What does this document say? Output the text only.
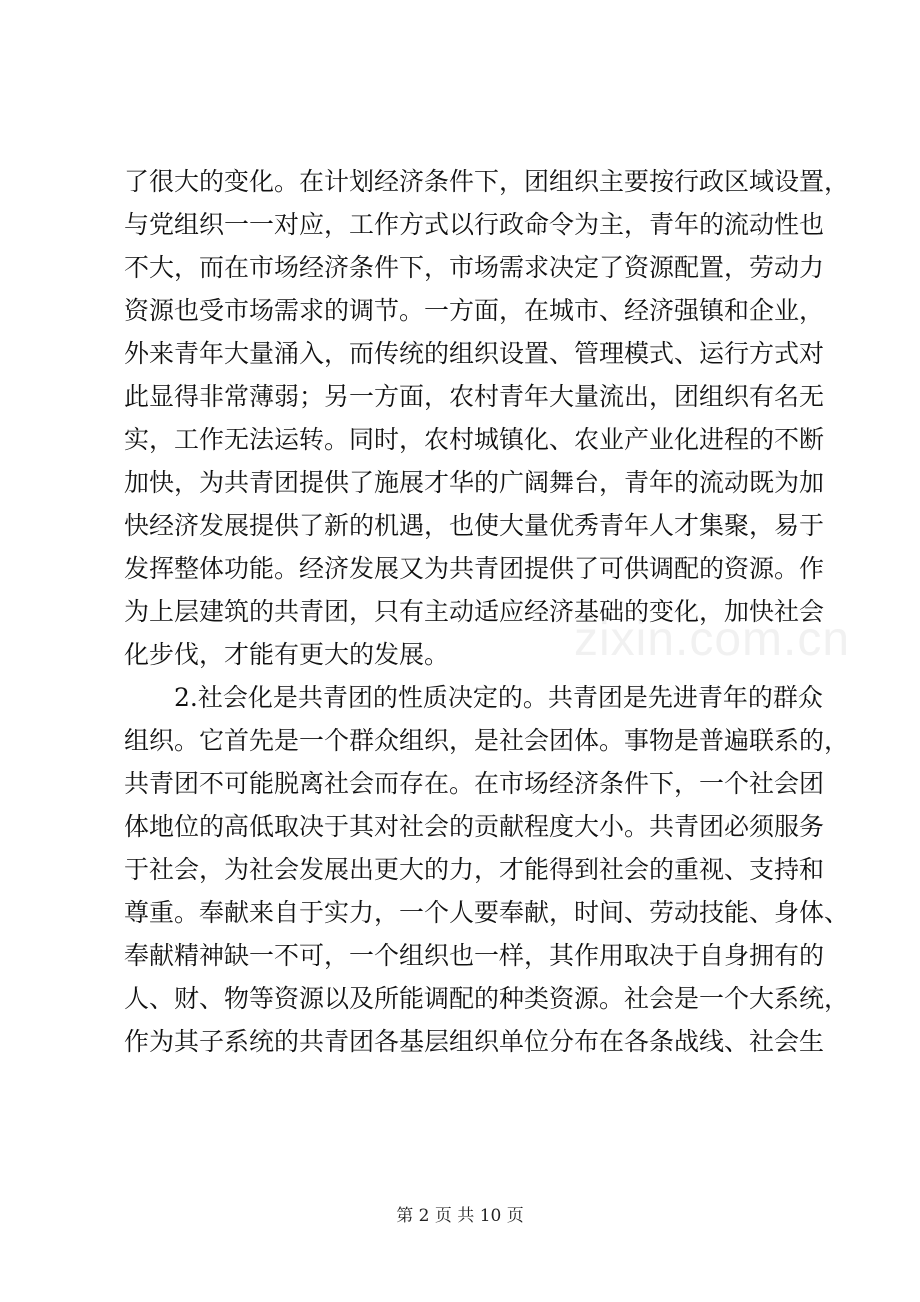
了很大的变化。在计划经济条件下，团组织主要按行政区域设置，
与党组织一一对应，工作方式以行政命令为主，青年的流动性也
不大，而在市场经济条件下，市场需求决定了资源配置，劳动力
资源也受市场需求的调节。一方面，在城市、经济强镇和企业，
外来青年大量涌入，而传统的组织设置、管理模式、运行方式对
此显得非常薄弱；另一方面，农村青年大量流出，团组织有名无
实，工作无法运转。同时，农村城镇化、农业产业化进程的不断
加快，为共青团提供了施展才华的广阔舞台，青年的流动既为加
快经济发展提供了新的机遇，也使大量优秀青年人才集聚，易于
发挥整体功能。经济发展又为共青团提供了可供调配的资源。作
为上层建筑的共青团，只有主动适应经济基础的变化，加快社会
化步伐，才能有更大的发展。
2.社会化是共青团的性质决定的。共青团是先进青年的群众
组织。它首先是一个群众组织，是社会团体。事物是普遍联系的，
共青团不可能脱离社会而存在。在市场经济条件下，一个社会团
体地位的高低取决于其对社会的贡献程度大小。共青团必须服务
于社会，为社会发展出更大的力，才能得到社会的重视、支持和
尊重。奉献来自于实力，一个人要奉献，时间、劳动技能、身体、
奉献精神缺一不可，一个组织也一样，其作用取决于自身拥有的
人、财、物等资源以及所能调配的种类资源。社会是一个大系统，
作为其子系统的共青团各基层组织单位分布在各条战线、社会生
zixin.com.cn
第 2 页 共 10 页
